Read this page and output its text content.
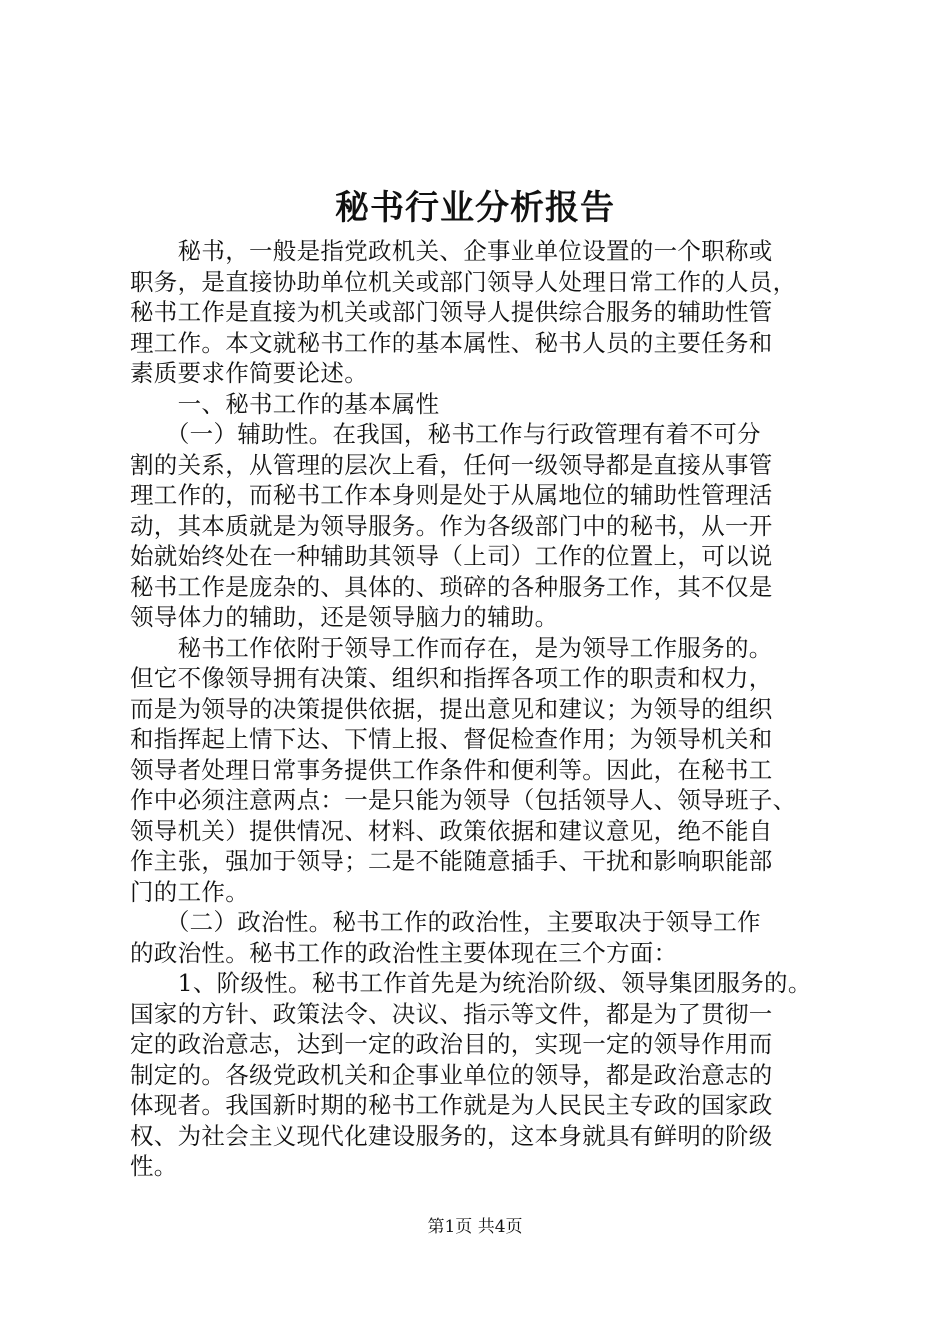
秘书行业分析报告
　　秘书，一般是指党政机关、企事业单位设置的一个职称或
职务，是直接协助单位机关或部门领导人处理日常工作的人员，
秘书工作是直接为机关或部门领导人提供综合服务的辅助性管
理工作。本文就秘书工作的基本属性、秘书人员的主要任务和
素质要求作简要论述。
　　一、秘书工作的基本属性
　　（一）辅助性。在我国，秘书工作与行政管理有着不可分
割的关系，从管理的层次上看，任何一级领导都是直接从事管
理工作的，而秘书工作本身则是处于从属地位的辅助性管理活
动，其本质就是为领导服务。作为各级部门中的秘书，从一开
始就始终处在一种辅助其领导（上司）工作的位置上，可以说
秘书工作是庞杂的、具体的、琐碎的各种服务工作，其不仅是
领导体力的辅助，还是领导脑力的辅助。
　　秘书工作依附于领导工作而存在，是为领导工作服务的。
但它不像领导拥有决策、组织和指挥各项工作的职责和权力，
而是为领导的决策提供依据，提出意见和建议；为领导的组织
和指挥起上情下达、下情上报、督促检查作用；为领导机关和
领导者处理日常事务提供工作条件和便利等。因此，在秘书工
作中必须注意两点：一是只能为领导（包括领导人、领导班子、
领导机关）提供情况、材料、政策依据和建议意见，绝不能自
作主张，强加于领导；二是不能随意插手、干扰和影响职能部
门的工作。
　　（二）政治性。秘书工作的政治性，主要取决于领导工作
的政治性。秘书工作的政治性主要体现在三个方面：
　　1、阶级性。秘书工作首先是为统治阶级、领导集团服务的。
国家的方针、政策法令、决议、指示等文件，都是为了贯彻一
定的政治意志，达到一定的政治目的，实现一定的领导作用而
制定的。各级党政机关和企事业单位的领导，都是政治意志的
体现者。我国新时期的秘书工作就是为人民民主专政的国家政
权、为社会主义现代化建设服务的，这本身就具有鲜明的阶级
性。
第1页 共4页
